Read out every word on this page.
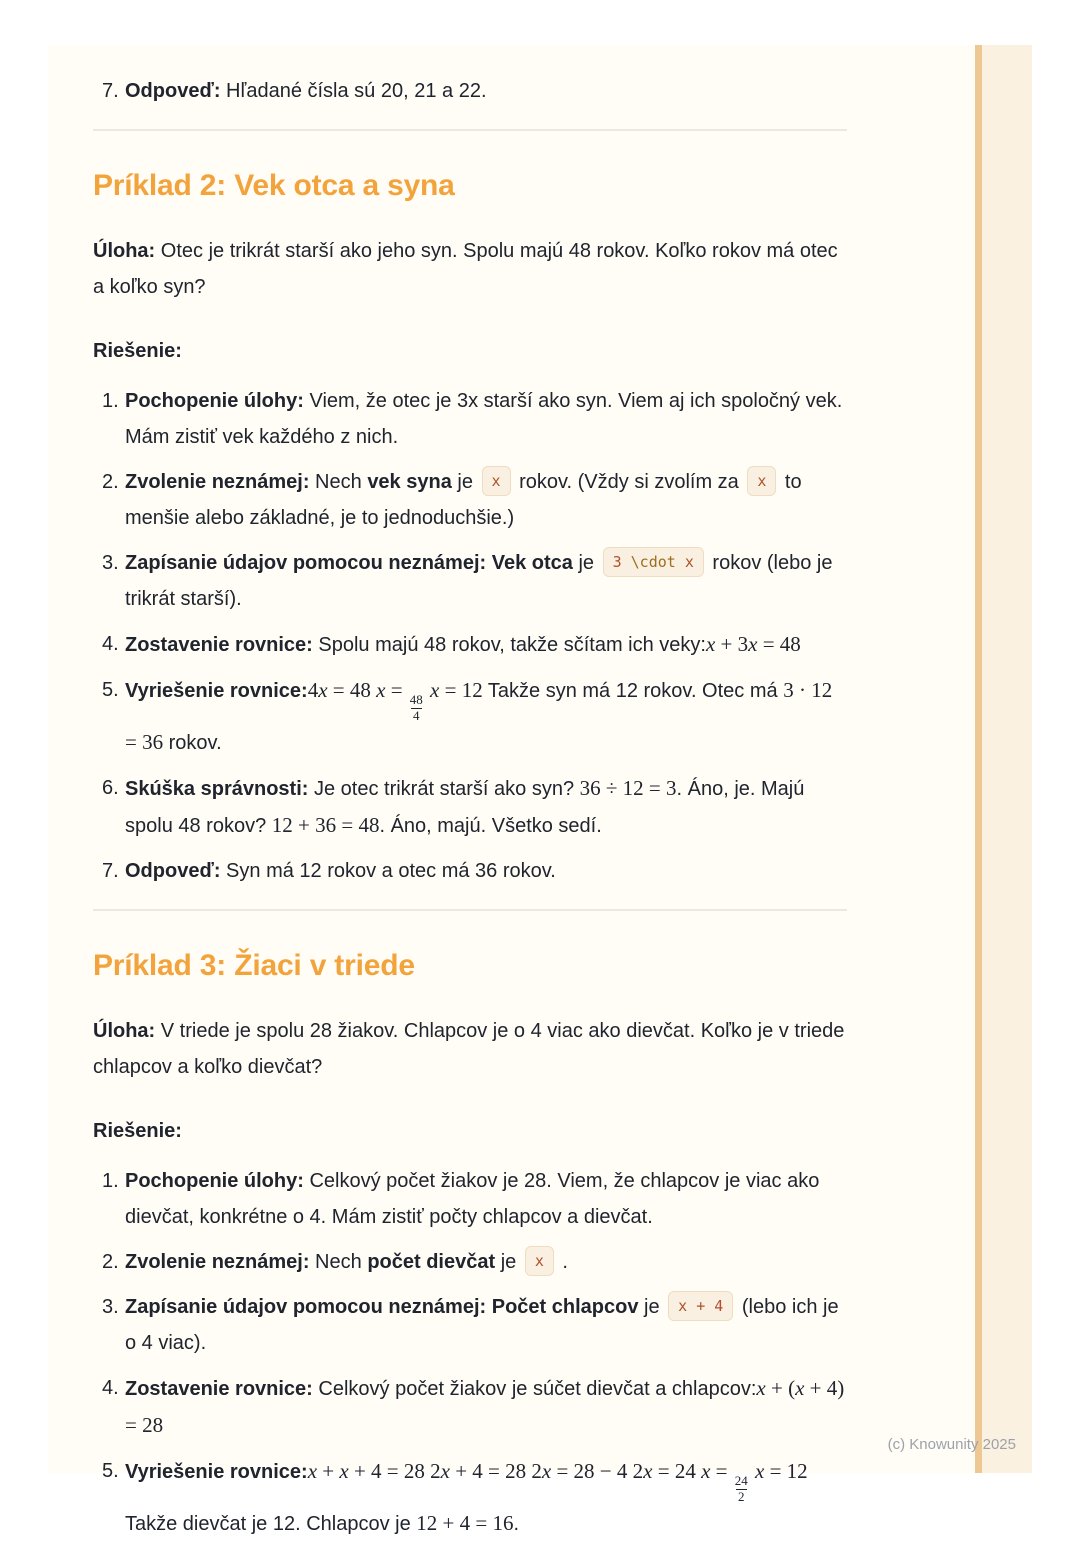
7. Odpoveď: Hľadané čísla sú 20, 21 a 22.
Príklad 2: Vek otca a syna

Úloha: Otec je trikrát starší ako jeho syn. Spolu majú 48 rokov. Koľko rokov má otec a koľko syn?

Riešenie:

1. Pochopenie úlohy: Viem, že otec je 3x starší ako syn. Viem aj ich spoločný vek. Mám zistiť vek každého z nich.
2. Zvolenie neznámej: Nech vek syna je x rokov. (Vždy si zvolím za x to menšie alebo základné, je to jednoduchšie.)
3. Zapísanie údajov pomocou neznámej: Vek otca je 3 \cdot x rokov (lebo je trikrát starší).
4. Zostavenie rovnice: Spolu majú 48 rokov, takže sčítam ich veky:x + 3x = 48
5. Vyriešenie rovnice:4x = 48 x =
$\frac{48}{4}$
x = 12 Takže syn má 12 rokov. Otec má 3 · 12 = 36 rokov.
6. Skúška správnosti: Je otec trikrát starší ako syn? 36 ÷ 12 = 3. Áno, je. Majú spolu 48 rokov? 12 + 36 = 48. Áno, majú. Všetko sedí.
7. Odpoveď: Syn má 12 rokov a otec má 36 rokov.
Príklad 3: Žiaci v triede

Úloha: V triede je spolu 28 žiakov. Chlapcov je o 4 viac ako dievčat. Koľko je v triede chlapcov a koľko dievčat?

Riešenie:

1. Pochopenie úlohy: Celkový počet žiakov je 28. Viem, že chlapcov je viac ako dievčat, konkrétne o 4. Mám zistiť počty chlapcov a dievčat.
2. Zvolenie neznámej: Nech počet dievčat je x .
3. Zapísanie údajov pomocou neznámej: Počet chlapcov je x + 4 (lebo ich je o 4 viac).
4. Zostavenie rovnice: Celkový počet žiakov je súčet dievčat a chlapcov:x + (x + 4) = 28
5. Vyriešenie rovnice:x + x + 4 = 28 2x + 4 = 28 2x = 28 − 4 2x = 24 x =
$\frac{24}{2}$
x = 12 Takže dievčat je 12. Chlapcov je 12 + 4 = 16.
(c) Knowunity 2025
